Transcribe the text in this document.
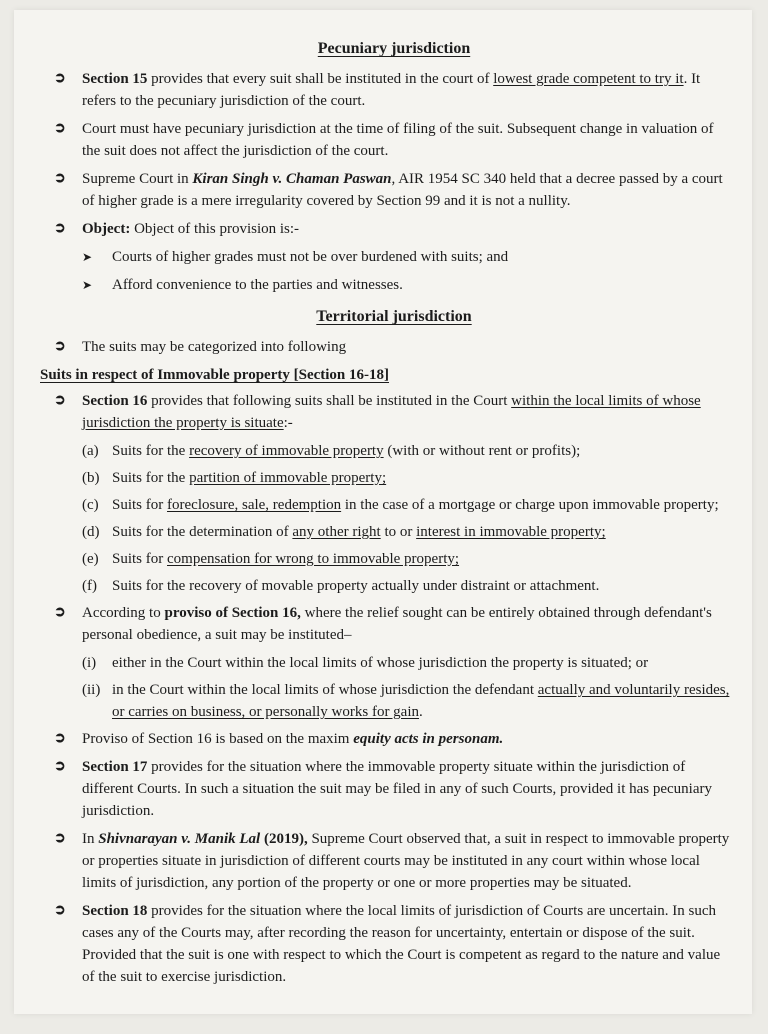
Pecuniary jurisdiction
➲ Section 15 provides that every suit shall be instituted in the court of lowest grade competent to try it. It refers to the pecuniary jurisdiction of the court.
➲ Court must have pecuniary jurisdiction at the time of filing of the suit. Subsequent change in valuation of the suit does not affect the jurisdiction of the court.
➲ Supreme Court in Kiran Singh v. Chaman Paswan, AIR 1954 SC 340 held that a decree passed by a court of higher grade is a mere irregularity covered by Section 99 and it is not a nullity.
➲ Object: Object of this provision is:-
➤ Courts of higher grades must not be over burdened with suits; and
➤ Afford convenience to the parties and witnesses.
Territorial jurisdiction
➲ The suits may be categorized into following
Suits in respect of Immovable property [Section 16-18]
➲ Section 16 provides that following suits shall be instituted in the Court within the local limits of whose jurisdiction the property is situate:-
(a) Suits for the recovery of immovable property (with or without rent or profits);
(b) Suits for the partition of immovable property;
(c) Suits for foreclosure, sale, redemption in the case of a mortgage or charge upon immovable property;
(d) Suits for the determination of any other right to or interest in immovable property;
(e) Suits for compensation for wrong to immovable property;
(f) Suits for the recovery of movable property actually under distraint or attachment.
➲ According to proviso of Section 16, where the relief sought can be entirely obtained through defendant's personal obedience, a suit may be instituted–
(i) either in the Court within the local limits of whose jurisdiction the property is situated; or
(ii) in the Court within the local limits of whose jurisdiction the defendant actually and voluntarily resides, or carries on business, or personally works for gain.
➲ Proviso of Section 16 is based on the maxim equity acts in personam.
➲ Section 17 provides for the situation where the immovable property situate within the jurisdiction of different Courts. In such a situation the suit may be filed in any of such Courts, provided it has pecuniary jurisdiction.
➲ In Shivnarayan v. Manik Lal (2019), Supreme Court observed that, a suit in respect to immovable property or properties situate in jurisdiction of different courts may be instituted in any court within whose local limits of jurisdiction, any portion of the property or one or more properties may be situated.
➲ Section 18 provides for the situation where the local limits of jurisdiction of Courts are uncertain. In such cases any of the Courts may, after recording the reason for uncertainty, entertain or dispose of the suit. Provided that the suit is one with respect to which the Court is competent as regard to the nature and value of the suit to exercise jurisdiction.
